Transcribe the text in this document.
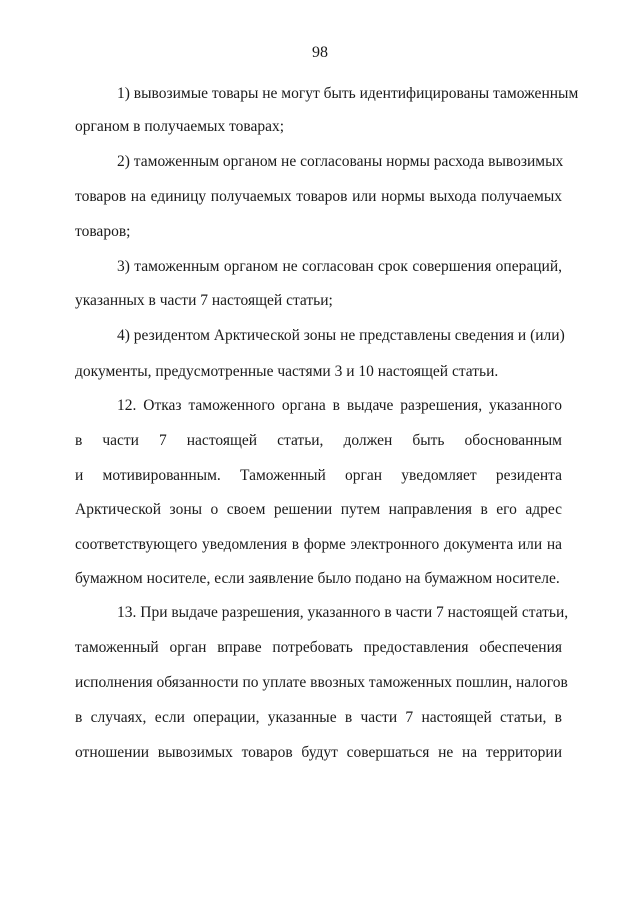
98
1) вывозимые товары не могут быть идентифицированы таможенным
органом в получаемых товарах;
2) таможенным органом не согласованы нормы расхода вывозимых
товаров на единицу получаемых товаров или нормы выхода получаемых
товаров;
3) таможенным органом не согласован срок совершения операций,
указанных в части 7 настоящей статьи;
4) резидентом Арктической зоны не представлены сведения и (или)
документы, предусмотренные частями 3 и 10 настоящей статьи.
12. Отказ таможенного органа в выдаче разрешения, указанного
в части 7 настоящей статьи, должен быть обоснованным
и мотивированным. Таможенный орган уведомляет резидента
Арктической зоны о своем решении путем направления в его адрес
соответствующего уведомления в форме электронного документа или на
бумажном носителе, если заявление было подано на бумажном носителе.
13. При выдаче разрешения, указанного в части 7 настоящей статьи,
таможенный орган вправе потребовать предоставления обеспечения
исполнения обязанности по уплате ввозных таможенных пошлин, налогов
в случаях, если операции, указанные в части 7 настоящей статьи, в
отношении вывозимых товаров будут совершаться не на территории
